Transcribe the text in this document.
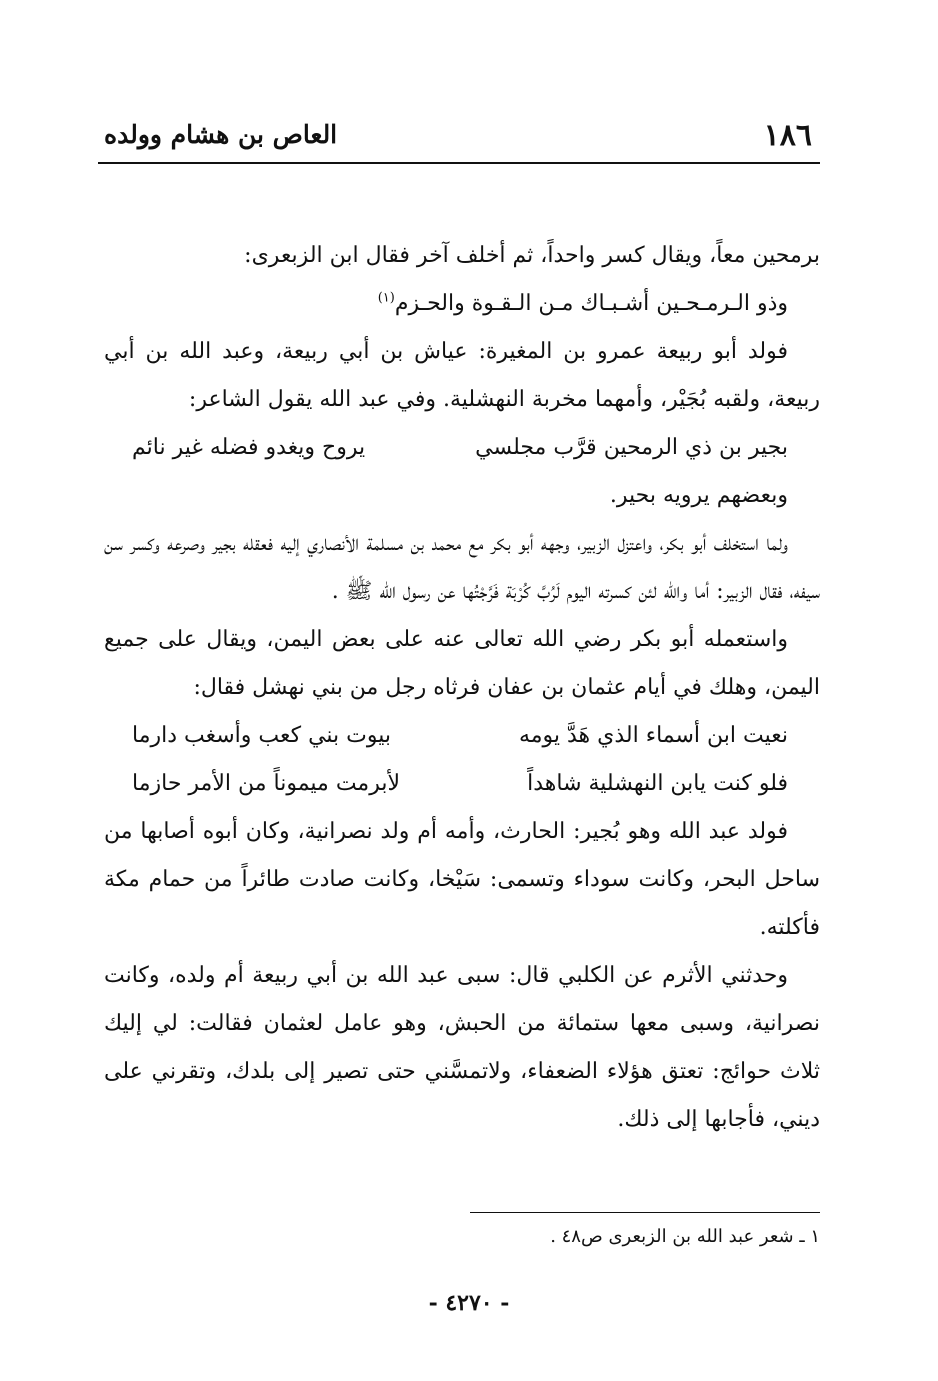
١٨٦
العاص بن هشام وولده

برمحين معاً، ويقال كسر واحداً، ثم أخلف آخر فقال ابن الزبعرى:

وذو الـرمـحـين أشـبـاك مـن الـقـوة والحـزم$^{(١)}$

فولد أبو ربيعة عمرو بن المغيرة: عياش بن أبي ربيعة، وعبد الله بن أبي ربيعة، ولقبه بُجَيْر، وأمهما مخربة النهشلية. وفي عبد الله يقول الشاعر:

بجير بن ذي الرمحين قرَّب مجلسي
يروح ويغدو فضله غير نائم

وبعضهم يرويه بحير.

ولما استخلف أبو بكر، واعتزل الزبير، وجهه أبو بكر مع محمد بن مسلمة الأنصاري إليه فعقله بجير وصرعه وكسر سن سيفه، فقال الزبير: أما والله لئن كسرته اليوم لَرُبَّ كُرْبَة فَرَّجْتُها عن رسول الله ﷺ .

واستعمله أبو بكر رضي الله تعالى عنه على بعض اليمن، ويقال على جميع اليمن، وهلك في أيام عثمان بن عفان فرثاه رجل من بني نهشل فقال:

نعيت ابن أسماء الذي هَدَّ يومه
بيوت بني كعب وأسغب دارما
فلو كنت يابن النهشلية شاهداً
لأبرمت ميموناً من الأمر حازما

فولد عبد الله وهو بُجير: الحارث، وأمه أم ولد نصرانية، وكان أبوه أصابها من ساحل البحر، وكانت سوداء وتسمى: سَيْخا، وكانت صادت طائراً من حمام مكة فأكلته.

وحدثني الأثرم عن الكلبي قال: سبى عبد الله بن أبي ربيعة أم ولده، وكانت نصرانية، وسبى معها ستمائة من الحبش، وهو عامل لعثمان فقالت: لي إليك ثلاث حوائج: تعتق هؤلاء الضعفاء، ولاتمسَّني حتى تصير إلى بلدك، وتقرني على ديني، فأجابها إلى ذلك.

١ ـ شعر عبد الله بن الزبعرى ص٤٨ .
- ٤٢٧٠ -
